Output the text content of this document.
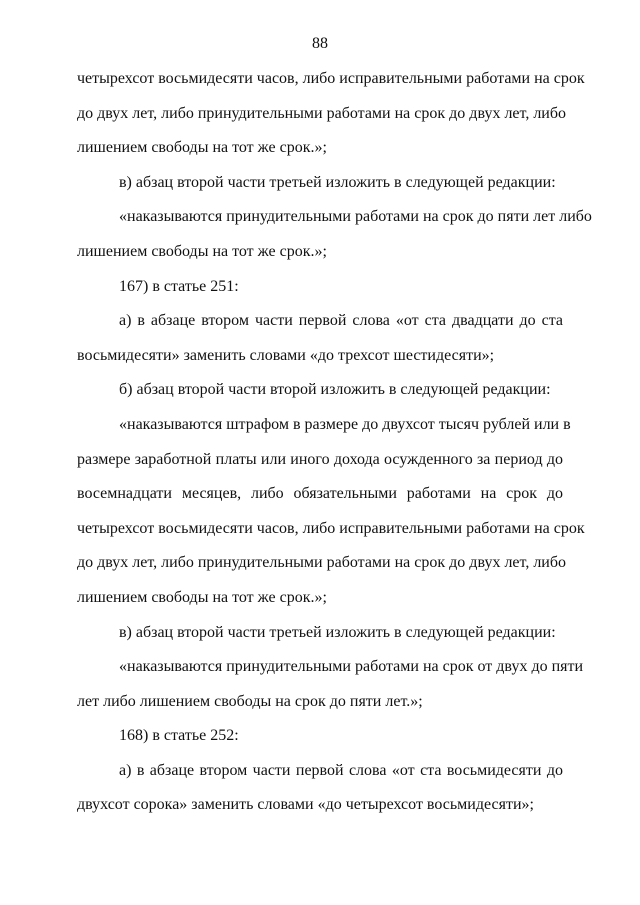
88
четырехсот восьмидесяти часов, либо исправительными работами на срок
до двух лет, либо принудительными работами на срок до двух лет, либо
лишением свободы на тот же срок.»;
в) абзац второй части третьей изложить в следующей редакции:
«наказываются принудительными работами на срок до пяти лет либо
лишением свободы на тот же срок.»;
167) в статье 251:
а) в абзаце втором части первой слова «от ста двадцати до ста
восьмидесяти» заменить словами «до трехсот шестидесяти»;
б) абзац второй части второй изложить в следующей редакции:
«наказываются штрафом в размере до двухсот тысяч рублей или в
размере заработной платы или иного дохода осужденного за период до
восемнадцати месяцев, либо обязательными работами на срок до
четырехсот восьмидесяти часов, либо исправительными работами на срок
до двух лет, либо принудительными работами на срок до двух лет, либо
лишением свободы на тот же срок.»;
в) абзац второй части третьей изложить в следующей редакции:
«наказываются принудительными работами на срок от двух до пяти
лет либо лишением свободы на срок до пяти лет.»;
168) в статье 252:
а) в абзаце втором части первой слова «от ста восьмидесяти до
двухсот сорока» заменить словами «до четырехсот восьмидесяти»;
